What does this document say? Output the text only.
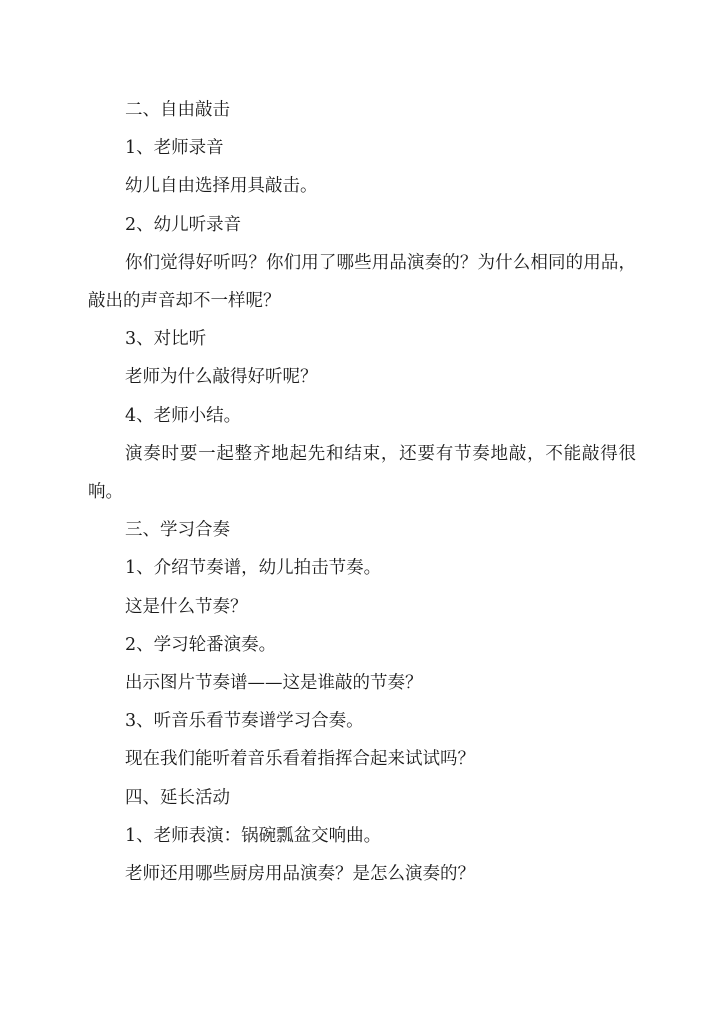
二、自由敲击

1、老师录音

幼儿自由选择用具敲击。

2、幼儿听录音

你们觉得好听吗？你们用了哪些用品演奏的？为什么相同的用品，敲出的声音却不一样呢？

3、对比听

老师为什么敲得好听呢？

4、老师小结。

演奏时要一起整齐地起先和结束，还要有节奏地敲，不能敲得很响。

三、学习合奏

1、介绍节奏谱，幼儿拍击节奏。

这是什么节奏？

2、学习轮番演奏。

出示图片节奏谱——这是谁敲的节奏？

3、听音乐看节奏谱学习合奏。

现在我们能听着音乐看着指挥合起来试试吗？

四、延长活动

1、老师表演：锅碗瓢盆交响曲。

老师还用哪些厨房用品演奏？是怎么演奏的？
